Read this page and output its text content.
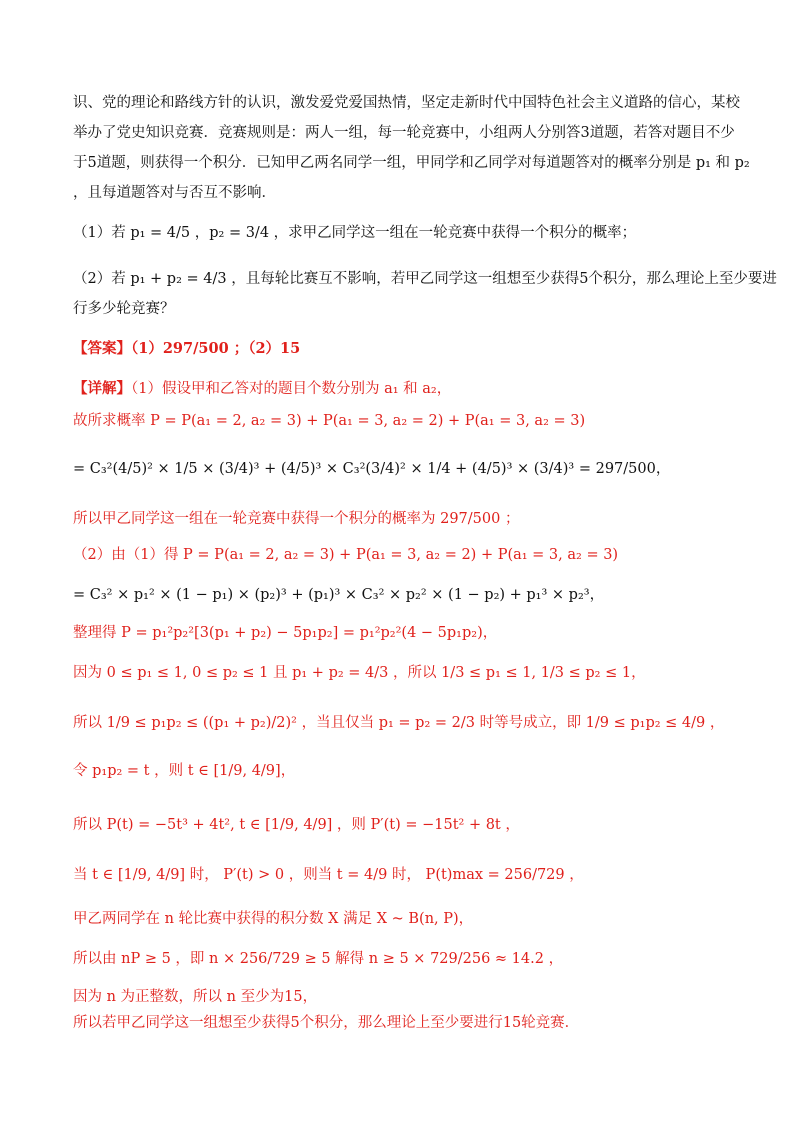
识、党的理论和路线方针的认识，激发爱党爱国热情，坚定走新时代中国特色社会主义道路的信心，某校
举办了党史知识竞赛．竞赛规则是：两人一组，每一轮竞赛中，小组两人分别答3道题，若答对题目不少
于5道题，则获得一个积分．已知甲乙两名同学一组，甲同学和乙同学对每道题答对的概率分别是 p₁ 和 p₂
，且每道题答对与否互不影响．
（1）若 p₁ = 4/5 ，p₂ = 3/4 ，求甲乙同学这一组在一轮竞赛中获得一个积分的概率；
（2）若 p₁ + p₂ = 4/3 ，且每轮比赛互不影响，若甲乙同学这一组想至少获得5个积分，那么理论上至少要进
行多少轮竞赛？
【答案】（1）297/500 ；（2）15
【详解】（1）假设甲和乙答对的题目个数分别为 a₁ 和 a₂，
故所求概率 P = P(a₁ = 2, a₂ = 3) + P(a₁ = 3, a₂ = 2) + P(a₁ = 3, a₂ = 3)
= C₃²(4/5)² × 1/5 × (3/4)³ + (4/5)³ × C₃²(3/4)² × 1/4 + (4/5)³ × (3/4)³ = 297/500，
所以甲乙同学这一组在一轮竞赛中获得一个积分的概率为 297/500 ；
（2）由（1）得 P = P(a₁ = 2, a₂ = 3) + P(a₁ = 3, a₂ = 2) + P(a₁ = 3, a₂ = 3)
= C₃² × p₁² × (1 − p₁) × (p₂)³ + (p₁)³ × C₃² × p₂² × (1 − p₂) + p₁³ × p₂³，
整理得 P = p₁²p₂²[3(p₁ + p₂) − 5p₁p₂] = p₁²p₂²(4 − 5p₁p₂)，
因为 0 ≤ p₁ ≤ 1, 0 ≤ p₂ ≤ 1 且 p₁ + p₂ = 4/3 ，所以 1/3 ≤ p₁ ≤ 1, 1/3 ≤ p₂ ≤ 1，
所以 1/9 ≤ p₁p₂ ≤ ((p₁ + p₂)/2)² ，当且仅当 p₁ = p₂ = 2/3 时等号成立，即 1/9 ≤ p₁p₂ ≤ 4/9 ，
令 p₁p₂ = t ，则 t ∈ [1/9, 4/9]，
所以 P(t) = −5t³ + 4t², t ∈ [1/9, 4/9] ，则 P′(t) = −15t² + 8t ，
当 t ∈ [1/9, 4/9] 时， P′(t) > 0 ，则当 t = 4/9 时， P(t)max = 256/729 ，
甲乙两同学在 n 轮比赛中获得的积分数 X 满足 X ~ B(n, P)，
所以由 nP ≥ 5 ，即 n × 256/729 ≥ 5 解得 n ≥ 5 × 729/256 ≈ 14.2 ，
因为 n 为正整数，所以 n 至少为15，
所以若甲乙同学这一组想至少获得5个积分，那么理论上至少要进行15轮竞赛．
